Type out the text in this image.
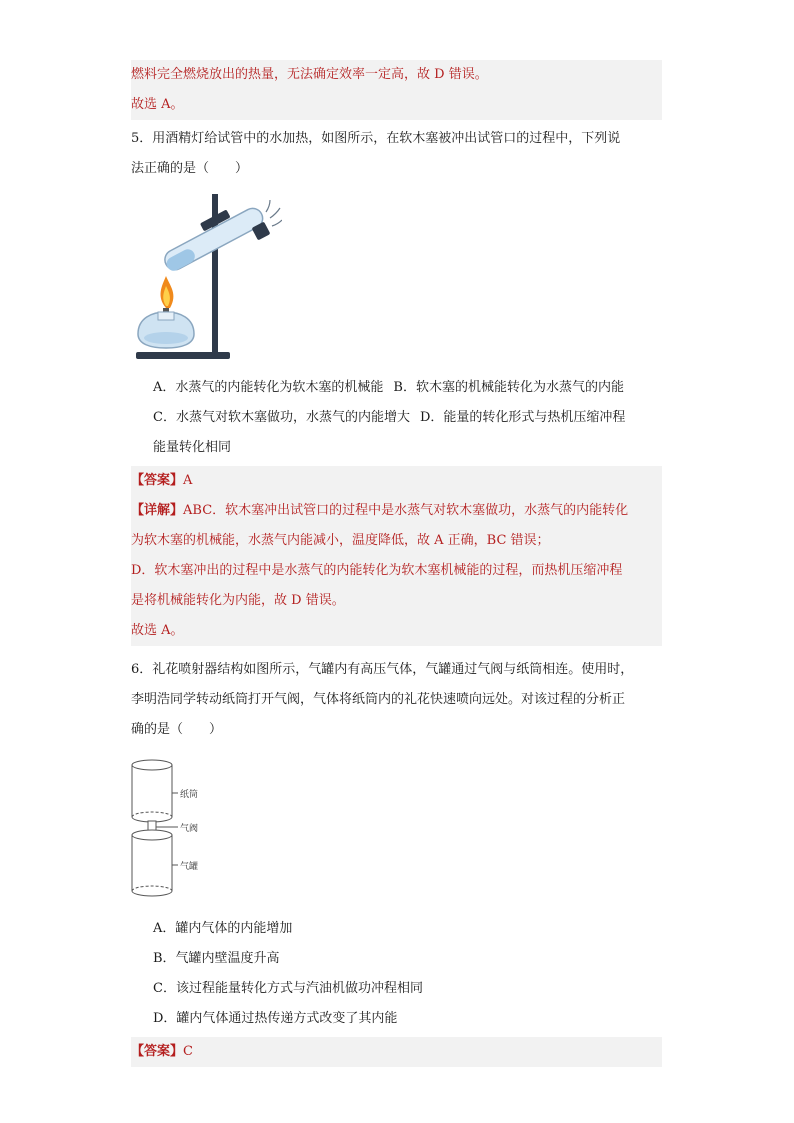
燃料完全燃烧放出的热量，无法确定效率一定高，故 D 错误。
故选 A。
5．用酒精灯给试管中的水加热，如图所示，在软木塞被冲出试管口的过程中，下列说
法正确的是（　　）
A．水蒸气的内能转化为软木塞的机械能 B．软木塞的机械能转化为水蒸气的内能
C．水蒸气对软木塞做功，水蒸气的内能增大 D．能量的转化形式与热机压缩冲程
能量转化相同
【答案】A
【详解】ABC．软木塞冲出试管口的过程中是水蒸气对软木塞做功，水蒸气的内能转化
为软木塞的机械能，水蒸气内能减小，温度降低，故 A 正确，BC 错误；
D．软木塞冲出的过程中是水蒸气的内能转化为软木塞机械能的过程，而热机压缩冲程
是将机械能转化为内能，故 D 错误。
故选 A。
6．礼花喷射器结构如图所示，气罐内有高压气体，气罐通过气阀与纸筒相连。使用时，
李明浩同学转动纸筒打开气阀，气体将纸筒内的礼花快速喷向远处。对该过程的分析正
确的是（　　）
纸筒
气阀
气罐
A．罐内气体的内能增加
B．气罐内壁温度升高
C．该过程能量转化方式与汽油机做功冲程相同
D．罐内气体通过热传递方式改变了其内能
【答案】C
